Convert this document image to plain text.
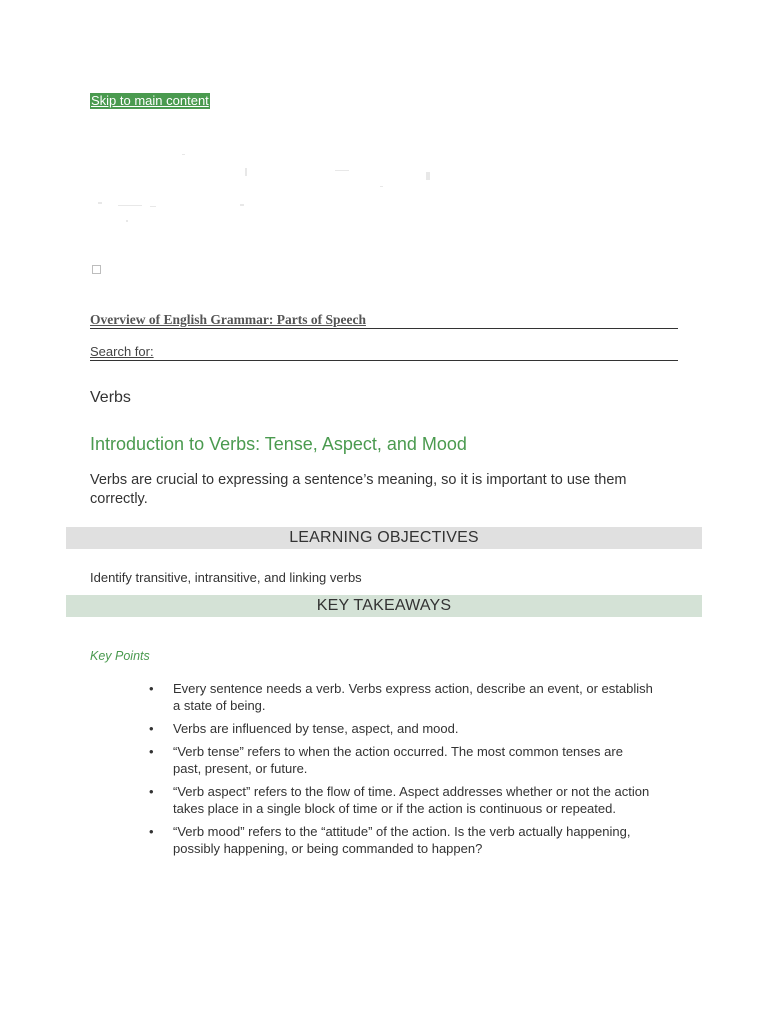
Skip to main content
Overview of English Grammar: Parts of Speech
Search for:
Verbs
Introduction to Verbs: Tense, Aspect, and Mood

Verbs are crucial to expressing a sentence’s meaning, so it is important to use them correctly.

LEARNING OBJECTIVES
Identify transitive, intransitive, and linking verbs
KEY TAKEAWAYS
Key Points
• Every sentence needs a verb. Verbs express action, describe an event, or establish a state of being.
• Verbs are influenced by tense, aspect, and mood.
• “Verb tense” refers to when the action occurred. The most common tenses are past, present, or future.
• “Verb aspect” refers to the flow of time. Aspect addresses whether or not the action takes place in a single block of time or if the action is continuous or repeated.
• “Verb mood” refers to the “attitude” of the action. Is the verb actually happening, possibly happening, or being commanded to happen?
